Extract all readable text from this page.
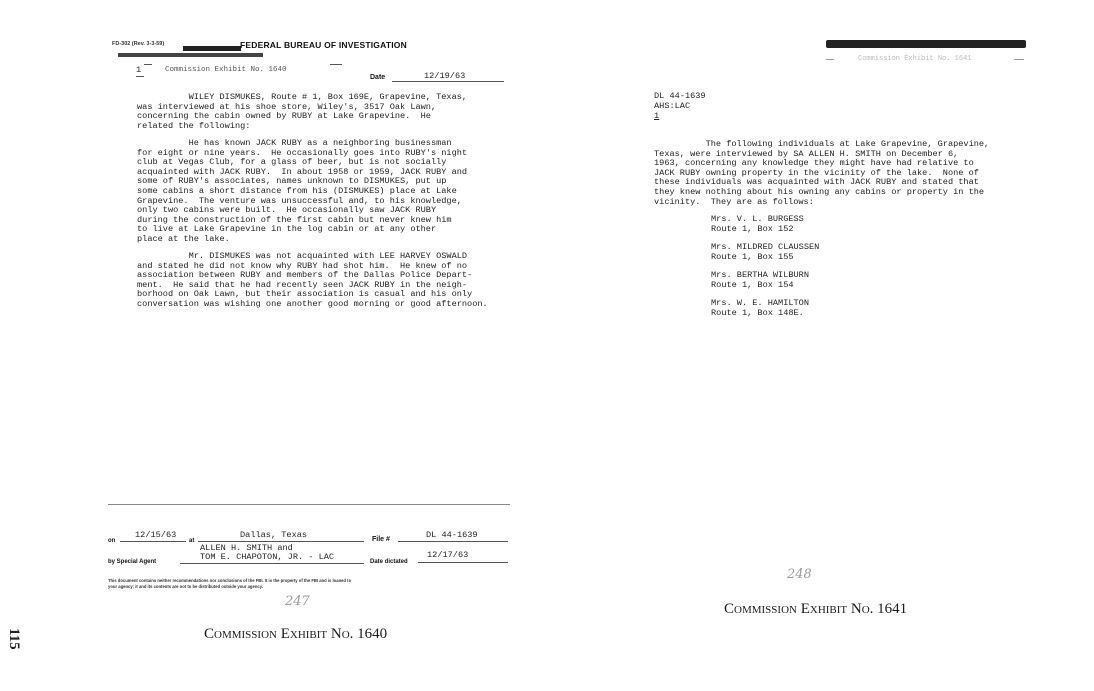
FD-302 (Rev. 3-3-59)	FEDERAL BUREAU OF INVESTIGATION
1	Commission Exhibit No. 1640
Date	12/19/63
WILEY DISMUKES, Route # 1, Box 169E, Grapevine, Texas,
was interviewed at his shoe store, Wiley's, 3517 Oak Lawn,
concerning the cabin owned by RUBY at Lake Grapevine.  He
related the following:
He has known JACK RUBY as a neighboring businessman
for eight or nine years.  He occasionally goes into RUBY's night
club at Vegas Club, for a glass of beer, but is not socially
acquainted with JACK RUBY.  In about 1958 or 1959, JACK RUBY and
some of RUBY's associates, names unknown to DISMUKES, put up
some cabins a short distance from his (DISMUKES) place at Lake
Grapevine.  The venture was unsuccessful and, to his knowledge,
only two cabins were built.  He occasionally saw JACK RUBY
during the construction of the first cabin but never knew him
to live at Lake Grapevine in the log cabin or at any other
place at the lake.
Mr. DISMUKES was not acquainted with LEE HARVEY OSWALD
and stated he did not know why RUBY had shot him.  He knew of no
association between RUBY and members of the Dallas Police Depart-
ment.  He said that he had recently seen JACK RUBY in the neigh-
borhood on Oak Lawn, but their association is casual and his only
conversation was wishing one another good morning or good afternoon.
on
12/15/63
at
Dallas, Texas	File #	DL 44-1639
by Special Agent
ALLEN H. SMITH and
TOM E. CHAPOTON, JR. - LAC	Date dictated
12/17/63
This document contains neither recommendations nor conclusions of the FBI. It is the property of the FBI and is loaned to
your agency; it and its contents are not to be distributed outside your agency.
247
Commission Exhibit No. 1640
115
Commission Exhibit No. 1641
DL 44-1639
AHS:LAC
1
The following individuals at Lake Grapevine, Grapevine,
Texas, were interviewed by SA ALLEN H. SMITH on December 6,
1963, concerning any knowledge they might have had relative to
JACK RUBY owning property in the vicinity of the lake.  None of
these individuals was acquainted with JACK RUBY and stated that
they knew nothing about his owning any cabins or property in the
vicinity.  They are as follows:
Mrs. V. L. BURGESS
Route 1, Box 152
Mrs. MILDRED CLAUSSEN
Route 1, Box 155
Mrs. BERTHA WILBURN
Route 1, Box 154
Mrs. W. E. HAMILTON
Route 1, Box 148E.
248
Commission Exhibit No. 1641
